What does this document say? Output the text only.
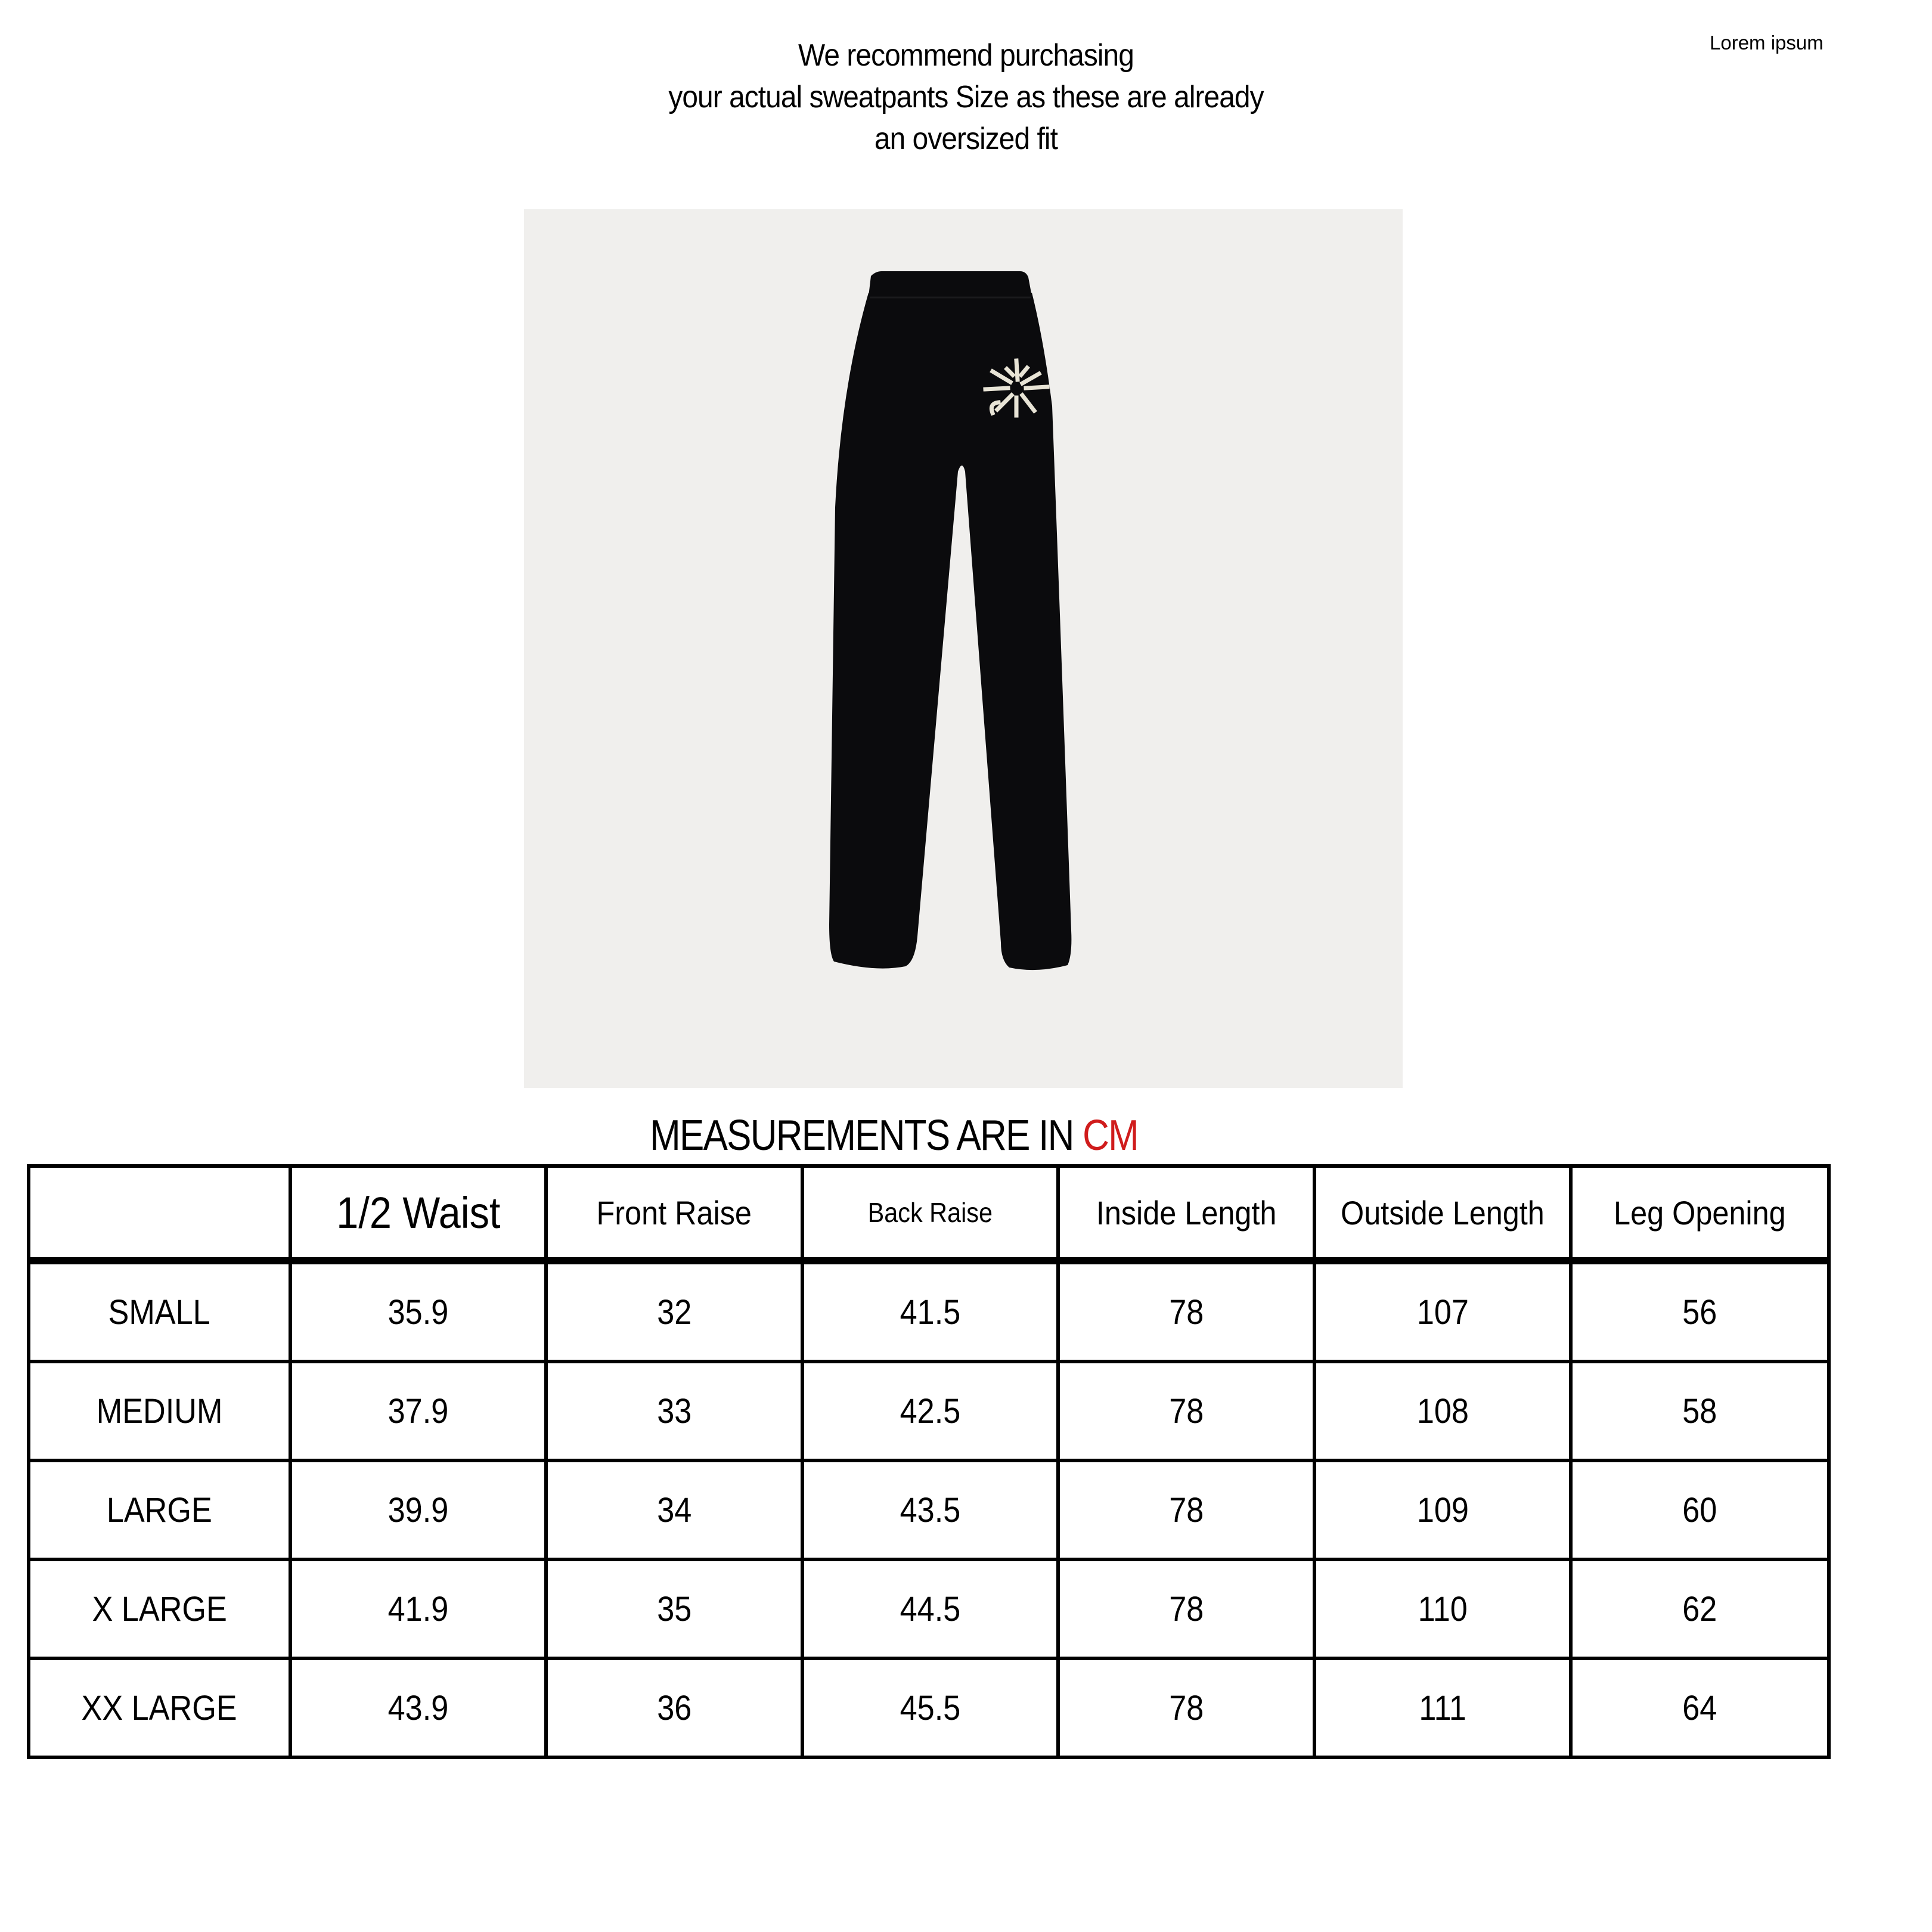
We recommend purchasing
your actual sweatpants Size as these are already
an oversized fit
Lorem ipsum
MEASUREMENTS ARE IN CM
	1/2 Waist	Front Raise	Back Raise	Inside Length	Outside Length	Leg Opening
SMALL	35.9	32	41.5	78	107	56
MEDIUM	37.9	33	42.5	78	108	58
LARGE	39.9	34	43.5	78	109	60
X LARGE	41.9	35	44.5	78	110	62
XX LARGE	43.9	36	45.5	78	111	64
